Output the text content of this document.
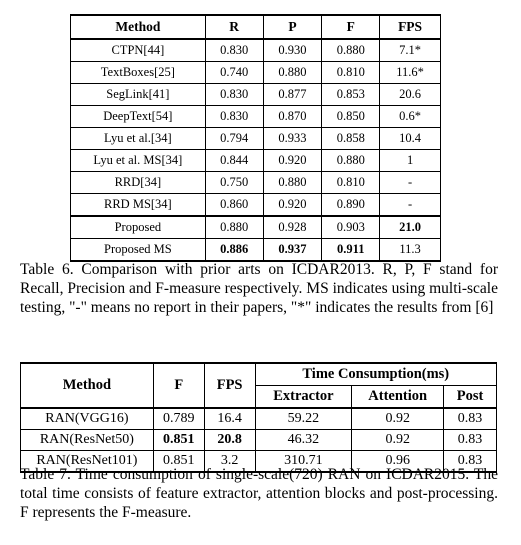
Method	R	P	F	FPS
CTPN[44]	0.830	0.930	0.880	7.1*
TextBoxes[25]	0.740	0.880	0.810	11.6*
SegLink[41]	0.830	0.877	0.853	20.6
DeepText[54]	0.830	0.870	0.850	0.6*
Lyu et al.[34]	0.794	0.933	0.858	10.4
Lyu et al. MS[34]	0.844	0.920	0.880	1
RRD[34]	0.750	0.880	0.810	-
RRD MS[34]	0.860	0.920	0.890	-
Proposed	0.880	0.928	0.903	21.0
Proposed MS	0.886	0.937	0.911	11.3
Table 6. Comparison with prior arts on ICDAR2013. R, P, F stand for Recall, Precision and F-measure respectively. MS indicates using multi-scale testing, "-" means no report in their papers, "*" indicates the results from [6]
Method	F	FPS	Time Consumption(ms)		
			Extractor	Attention	Post
RAN(VGG16)	0.789	16.4	59.22	0.92	0.83
RAN(ResNet50)	0.851	20.8	46.32	0.92	0.83
RAN(ResNet101)	0.851	3.2	310.71	0.96	0.83
Table 7. Time consumption of single-scale(720) RAN on ICDAR2015. The total time consists of feature extractor, attention blocks and post-processing. F represents the F-measure.
